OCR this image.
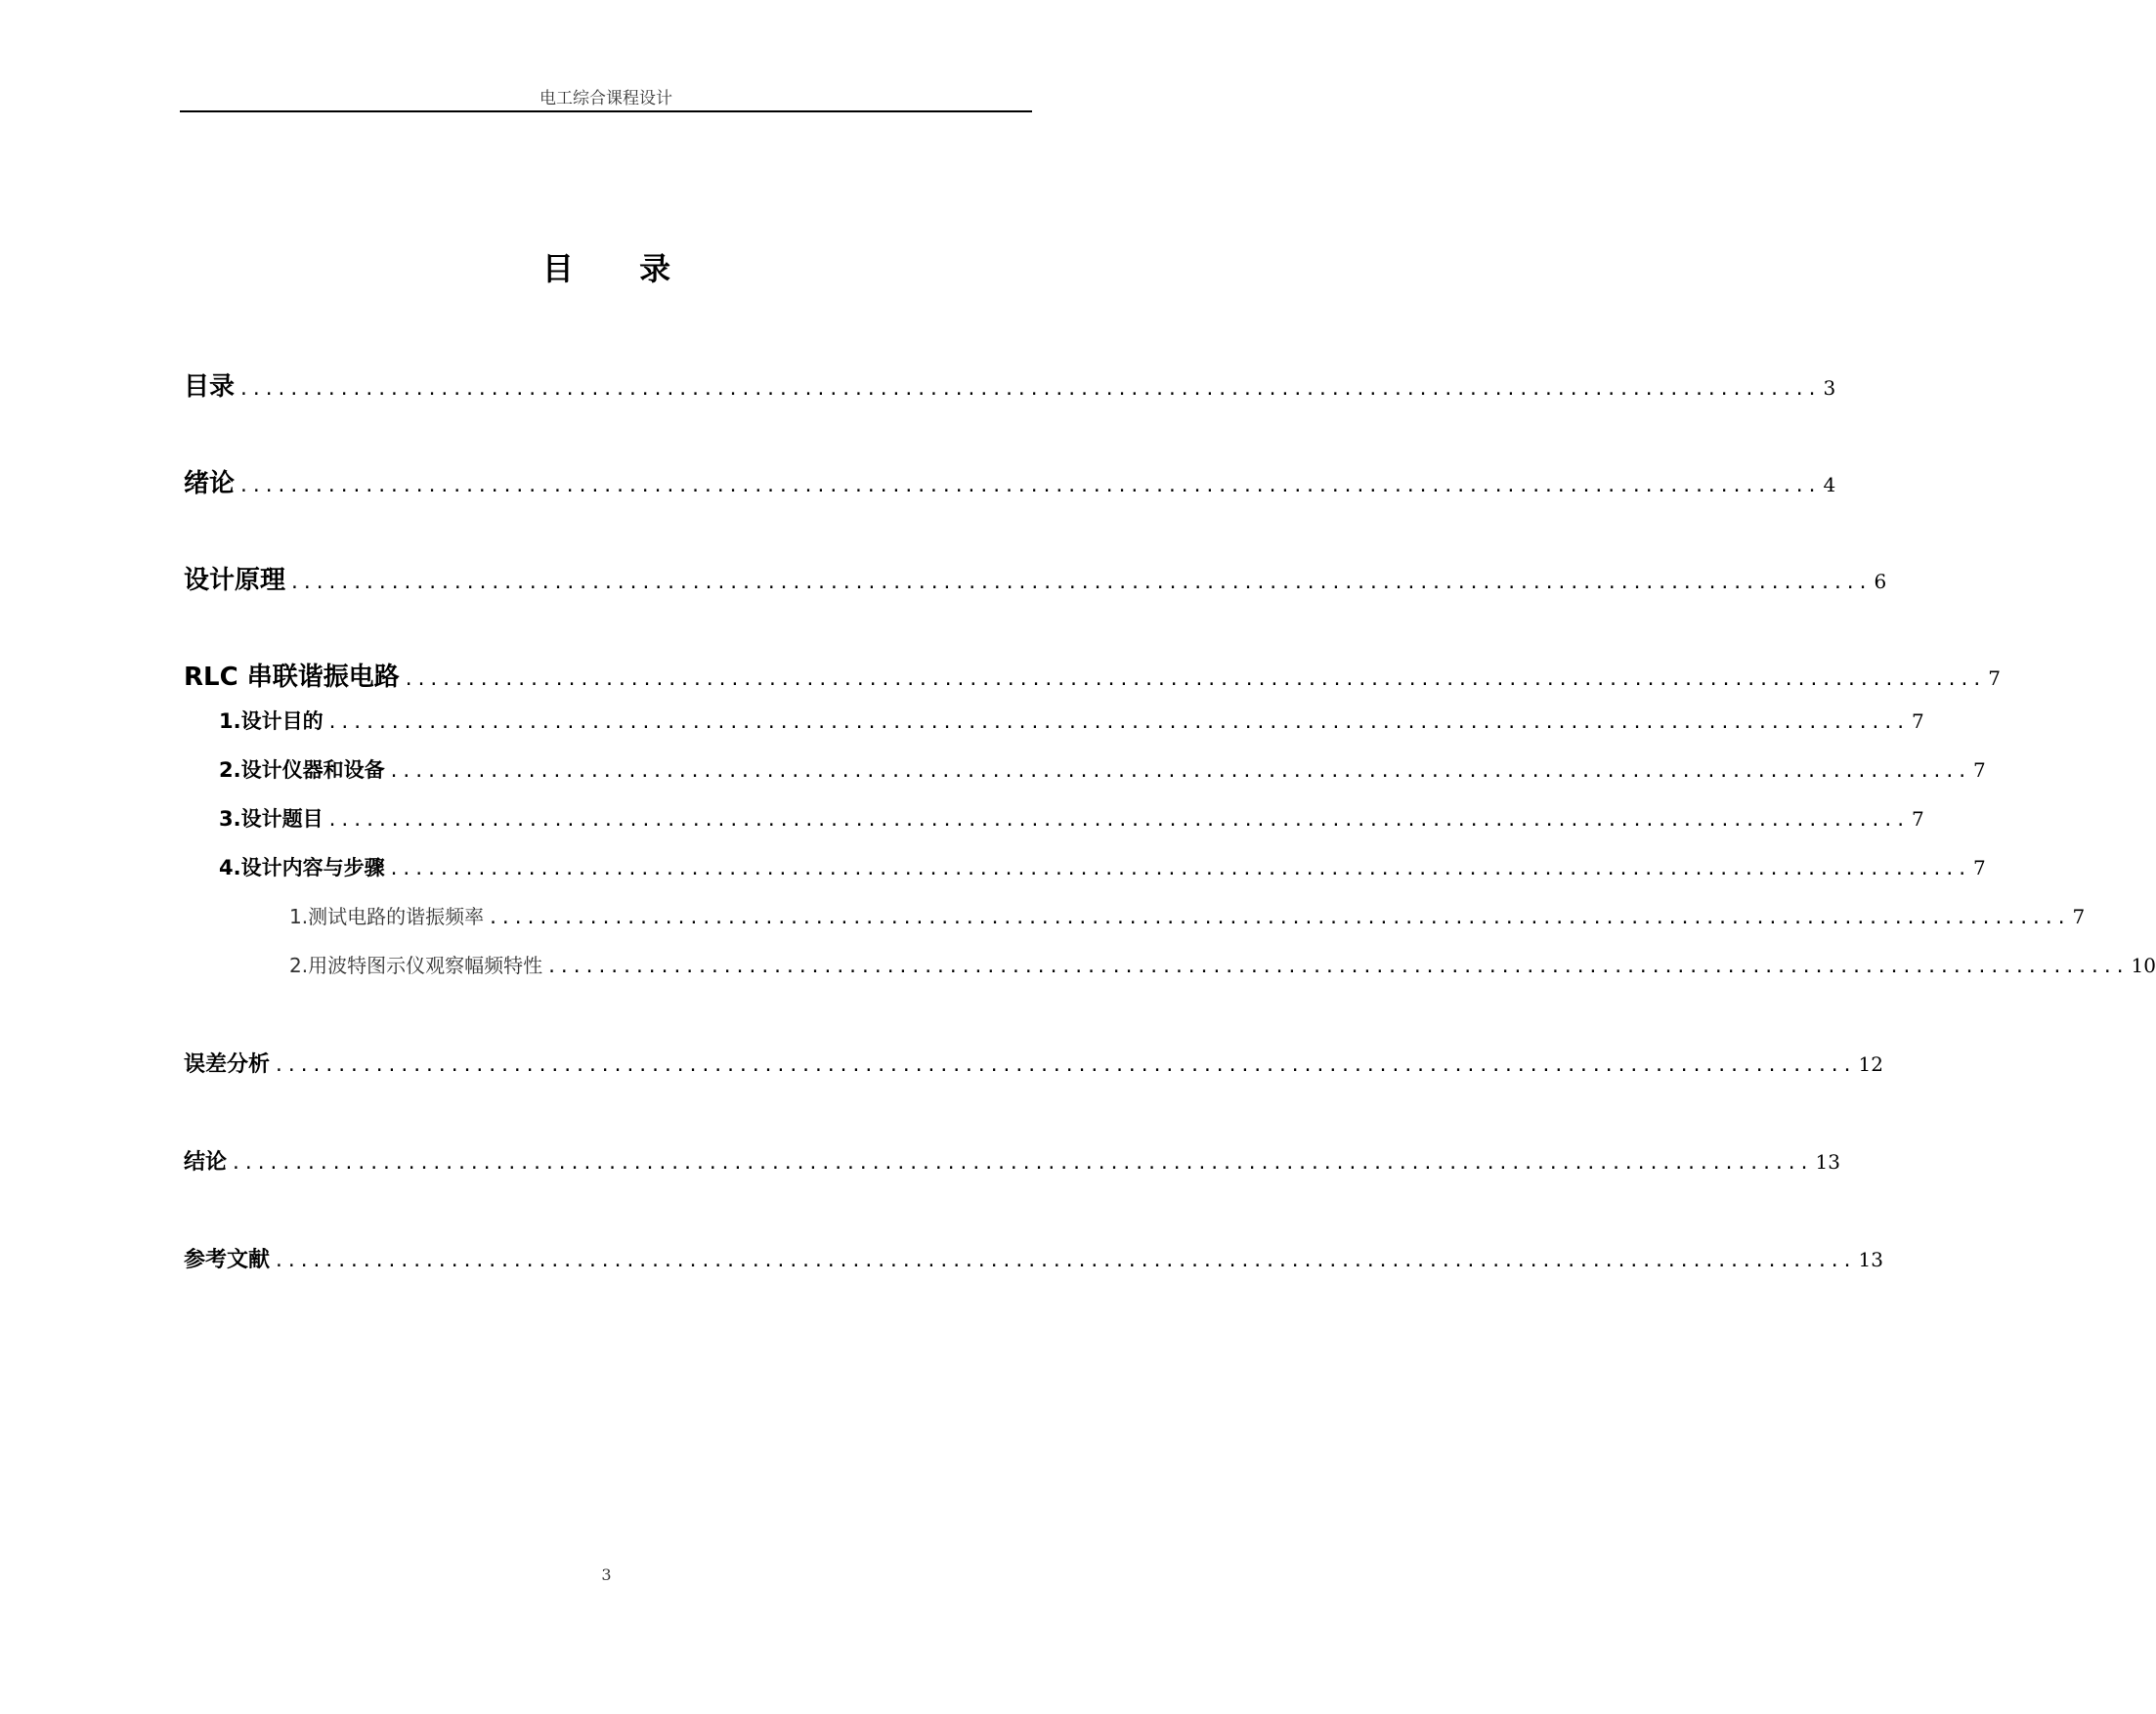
电工综合课程设计
目 录
目录 .............................................................................................................................. 3
绪论 .............................................................................................................................. 4
设计原理 .............................................................................................................................. 6
RLC 串联谐振电路 .............................................................................................................................. 7
1.设计目的 .............................................................................................................................. 7
2.设计仪器和设备 .............................................................................................................................. 7
3.设计题目 .............................................................................................................................. 7
4.设计内容与步骤 .............................................................................................................................. 7
1.测试电路的谐振频率 .............................................................................................................................. 7
2.用波特图示仪观察幅频特性 .............................................................................................................................. 10
误差分析 .............................................................................................................................. 12
结论 .............................................................................................................................. 13
参考文献 .............................................................................................................................. 13
3
